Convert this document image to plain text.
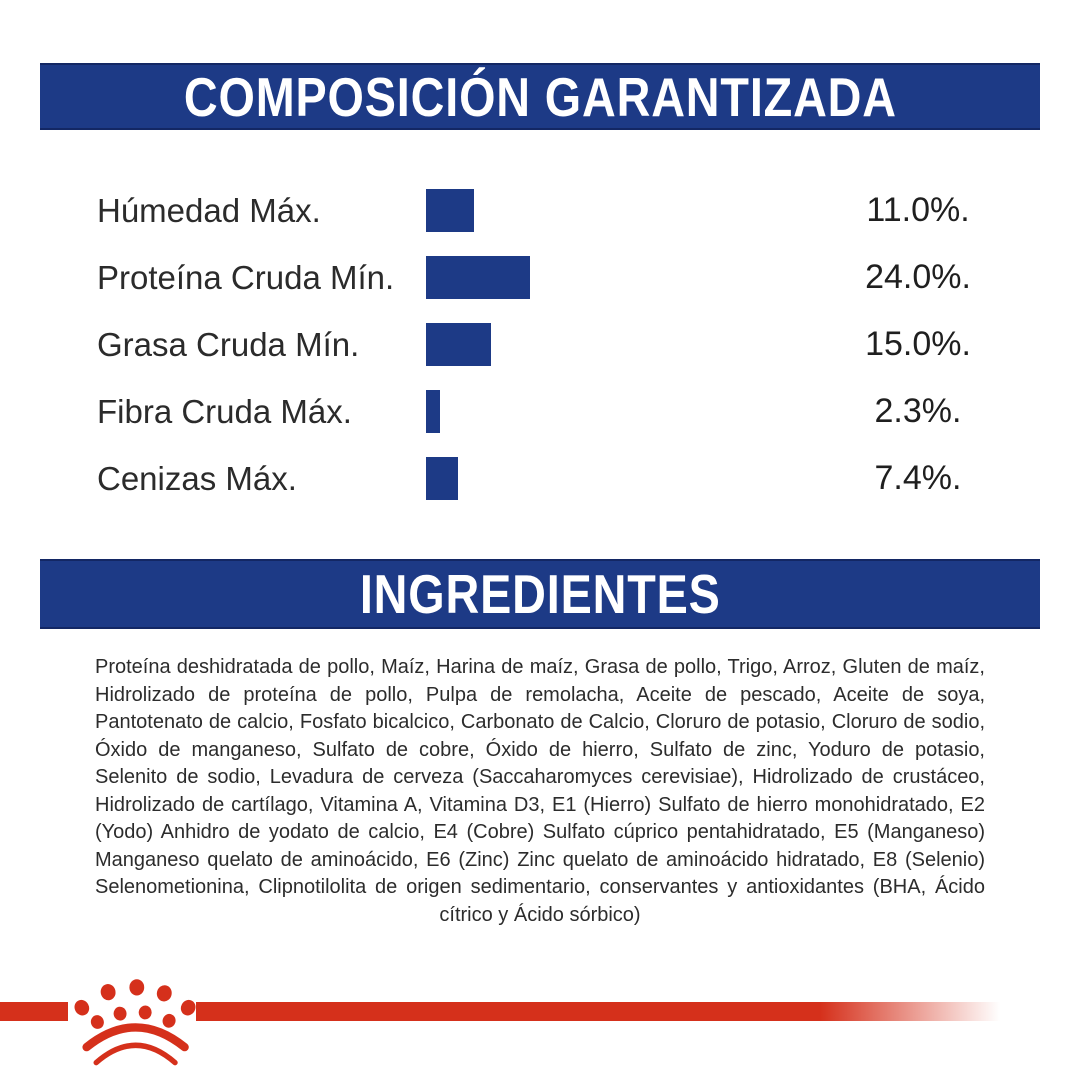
COMPOSICIÓN GARANTIZADA
Húmedad Máx.	11.0%.
Proteína Cruda Mín.	24.0%.
Grasa Cruda Mín.	15.0%.
Fibra Cruda Máx.	2.3%.
Cenizas Máx.	7.4%.
INGREDIENTES

Proteína deshidratada de pollo, Maíz, Harina de maíz, Grasa de pollo, Trigo, Arroz, Gluten de maíz, Hidrolizado de proteína de pollo, Pulpa de remolacha, Aceite de pescado, Aceite de soya, Pantotenato de calcio, Fosfato bicalcico, Carbonato de Calcio, Cloruro de potasio, Cloruro de sodio, Óxido de manganeso, Sulfato de cobre, Óxido de hierro, Sulfato de zinc, Yoduro de potasio, Selenito de sodio, Levadura de cerveza (Saccaharomyces cerevisiae), Hidrolizado de crustáceo, Hidrolizado de cartílago, Vitamina A, Vitamina D3, E1 (Hierro) Sulfato de hierro monohidratado, E2 (Yodo) Anhidro de yodato de calcio, E4 (Cobre) Sulfato cúprico pentahidratado, E5 (Manganeso) Manganeso quelato de aminoácido, E6 (Zinc) Zinc quelato de aminoácido hidratado, E8 (Selenio) Selenometionina, Clipnotilolita de origen sedimentario, conservantes y antioxidantes (BHA, Ácido cítrico y Ácido sórbico)
